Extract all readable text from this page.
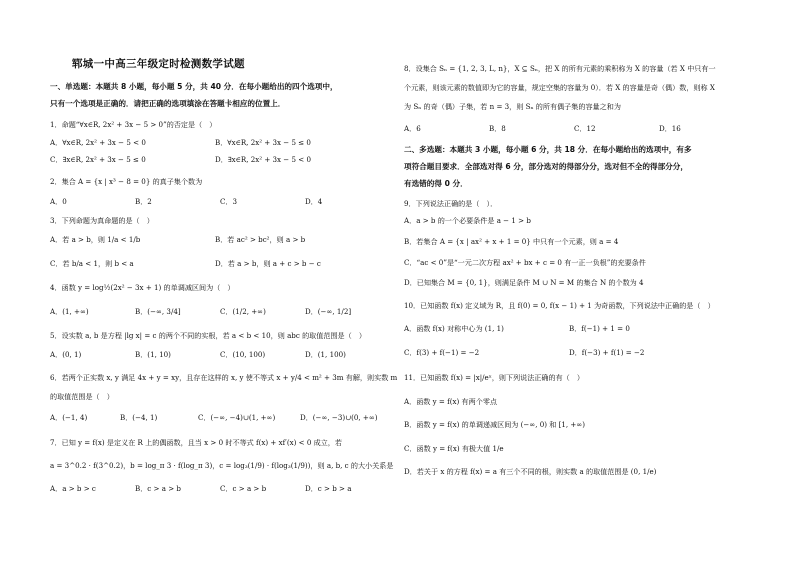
郓城一中高三年级定时检测数学试题
一、单选题：本题共 8 小题，每小题 5 分，共 40 分．在每小题给出的四个选项中，
只有一个选项是正确的．请把正确的选项填涂在答题卡相应的位置上．
1．命题“∀x∈R, 2x² + 3x − 5 > 0”的否定是（　）
A．∀x∈R, 2x² + 3x − 5 < 0	B．∀x∈R, 2x² + 3x − 5 ≤ 0
C．∃x∈R, 2x² + 3x − 5 ≤ 0	D．∃x∈R, 2x² + 3x − 5 < 0
2．集合 A = {x | x³ − 8 = 0} 的真子集个数为
A．0	B．2	C．3	D．4
3．下列命题为真命题的是（　）
A．若 a > b，则 1/a < 1/b	B．若 ac² > bc²，则 a > b
C．若 b/a < 1，则 b < a	D．若 a > b，则 a + c > b − c
4．函数 y = log½(2x² − 3x + 1) 的单调减区间为（　）
A．(1, +∞)	B．(−∞, 3/4]	C．(1/2, +∞)	D．(−∞, 1/2]
5．设实数 a, b 是方程 |lg x| = c 的两个不同的实根，若 a < b < 10，则 abc 的取值范围是（　）
A．(0, 1)	B．(1, 10)	C．(10, 100)	D．(1, 100)
6．若两个正实数 x, y 满足 4x + y = xy，且存在这样的 x, y 使不等式 x + y/4 < m² + 3m 有解，则实数 m
的取值范围是（　）
A．(−1, 4)	B．(−4, 1)	C．(−∞, −4)∪(1, +∞)	D．(−∞, −3)∪(0, +∞)
7．已知 y = f(x) 是定义在 R 上的偶函数，且当 x > 0 时不等式 f(x) + xf′(x) < 0 成立，若
a = 3^0.2 · f(3^0.2)，b = log_π 3 · f(log_π 3)，c = log₃(1/9) · f(log₃(1/9))，则 a, b, c 的大小关系是
A．a > b > c	B．c > a > b	C．c > a > b	D．c > b > a
8．设集合 Sₙ = {1, 2, 3, L, n}，X ⊆ Sₙ，把 X 的所有元素的乘积称为 X 的容量（若 X 中只有一
个元素，则该元素的数值即为它的容量，规定空集的容量为 0）．若 X 的容量是奇（偶）数，则称 X
为 Sₙ 的奇（偶）子集，若 n = 3，则 Sₙ 的所有偶子集的容量之和为
A．6	B．8	C．12	D．16
二、多选题：本题共 3 小题，每小题 6 分，共 18 分．在每小题给出的选项中，有多
项符合题目要求．全部选对得 6 分，部分选对的得部分分，选对但不全的得部分分，
有选错的得 0 分．
9．下列说法正确的是（　）．
A．a > b 的一个必要条件是 a − 1 > b
B．若集合 A = {x | ax² + x + 1 = 0} 中只有一个元素，则 a = 4
C．“ac < 0”是“一元二次方程 ax² + bx + c = 0 有一正一负根”的充要条件
D．已知集合 M = {0, 1}，则满足条件 M ∪ N = M 的集合 N 的个数为 4
10．已知函数 f(x) 定义域为 R，且 f(0) = 0, f(x − 1) + 1 为奇函数，下列说法中正确的是（　）
A．函数 f(x) 对称中心为 (1, 1)	B．f(−1) + 1 = 0
C．f(3) + f(−1) = −2	D．f(−3) + f(1) = −2
11．已知函数 f(x) = |x|/eˣ，则下列说法正确的有（　）
A．函数 y = f(x) 有两个零点
B．函数 y = f(x) 的单调递减区间为 (−∞, 0) 和 [1, +∞)
C．函数 y = f(x) 有极大值 1/e
D．若关于 x 的方程 f(x) = a 有三个不同的根，则实数 a 的取值范围是 (0, 1/e)
